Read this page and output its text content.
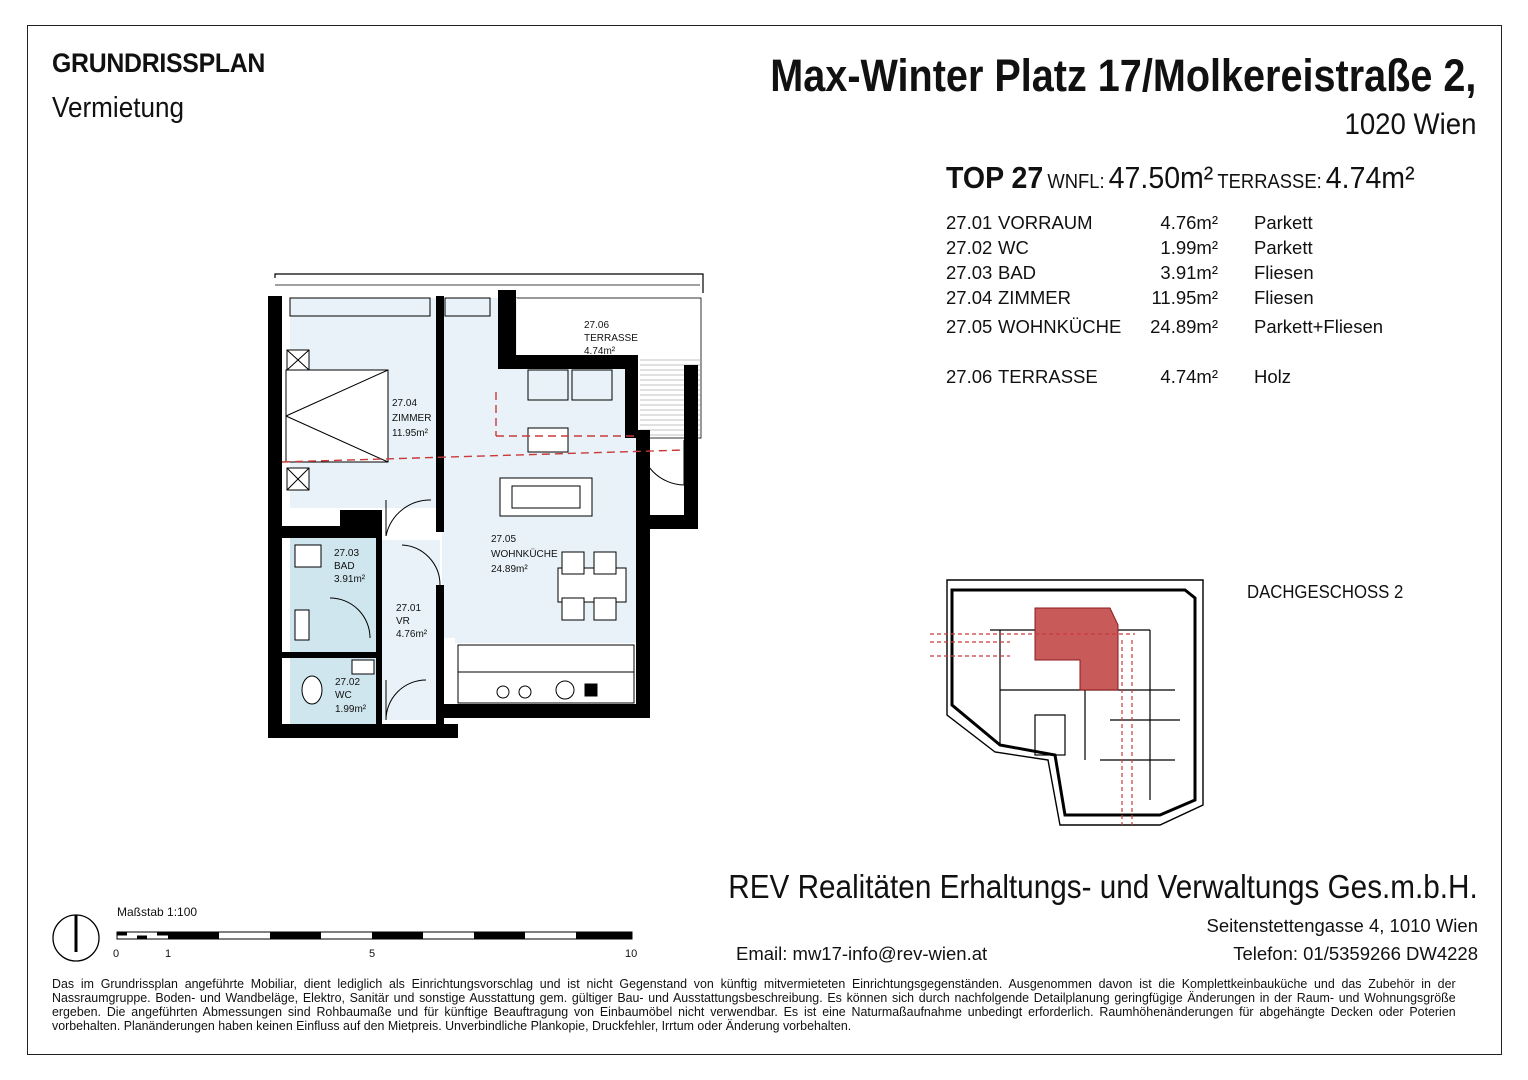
GRUNDRISSPLAN
Vermietung
Max-Winter Platz 17/Molkereistraße 2,
1020 Wien
TOP 27 WNFL: 47.50m² TERRASSE: 4.74m²
27.01 VORRAUM	4.76m² Parkett
27.02 WC	1.99m² Parkett
27.03 BAD	3.91m² Fliesen
27.04 ZIMMER	11.95m² Fliesen
27.05 WOHNKÜCHE	24.89m² Parkett+Fliesen
27.06 TERRASSE	4.74m² Holz
27.06
TERRASSE
4.74m²
27.04
ZIMMER
11.95m²
27.05
WOHNKÜCHE
24.89m²
27.03
BAD
3.91m²
27.01
VR
4.76m²
27.02
WC
1.99m²
0	1	5	10
DACHGESCHOSS 2
Maßstab 1:100
REV Realitäten Erhaltungs- und Verwaltungs Ges.m.b.H.
Seitenstettengasse 4, 1010 Wien
Telefon: 01/5359266 DW4228
Email: mw17-info@rev-wien.at
Das im Grundrissplan angeführte Mobiliar, dient lediglich als Einrichtungsvorschlag und ist nicht Gegenstand von künftig mitvermieteten Einrichtungsgegenständen. Ausgenommen davon ist die Komplettkeinbauküche und das Zubehör in der Nassraumgruppe. Boden- und Wandbeläge, Elektro, Sanitär und sonstige Ausstattung gem. gültiger Bau- und Ausstattungsbeschreibung. Es können sich durch nachfolgende Detailplanung geringfügige Änderungen in der Raum- und Wohnungsgröße ergeben. Die angeführten Abmessungen sind Rohbaumaße und für künftige Beauftragung von Einbaumöbel nicht verwendbar. Es ist eine Naturmaßaufnahme unbedingt erforderlich. Raumhöhenänderungen für abgehängte Decken oder Poterien vorbehalten. Planänderungen haben keinen Einfluss auf den Mietpreis. Unverbindliche Plankopie, Druckfehler, Irrtum oder Änderung vorbehalten.
